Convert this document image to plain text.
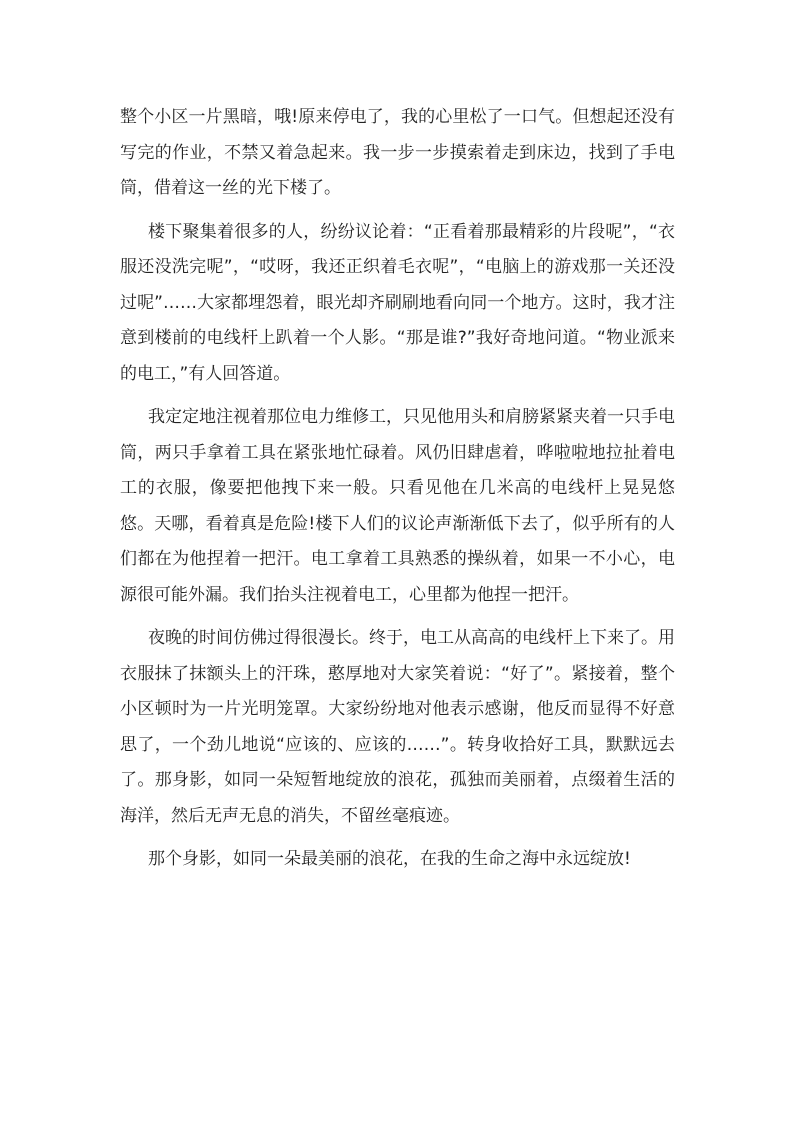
整个小区一片黑暗，哦!原来停电了，我的心里松了一口气。但想起还没有写完的作业，不禁又着急起来。我一步一步摸索着走到床边，找到了手电筒，借着这一丝的光下楼了。

楼下聚集着很多的人，纷纷议论着：“正看着那最精彩的片段呢”，“衣服还没洗完呢”，“哎呀，我还正织着毛衣呢”，“电脑上的游戏那一关还没过呢”……大家都埋怨着，眼光却齐刷刷地看向同一个地方。这时，我才注意到楼前的电线杆上趴着一个人影。“那是谁?”我好奇地问道。“物业派来的电工，”有人回答道。

我定定地注视着那位电力维修工，只见他用头和肩膀紧紧夹着一只手电筒，两只手拿着工具在紧张地忙碌着。风仍旧肆虐着，哗啦啦地拉扯着电工的衣服，像要把他拽下来一般。只看见他在几米高的电线杆上晃晃悠悠。天哪，看着真是危险!楼下人们的议论声渐渐低下去了，似乎所有的人们都在为他捏着一把汗。电工拿着工具熟悉的操纵着，如果一不小心，电源很可能外漏。我们抬头注视着电工，心里都为他捏一把汗。

夜晚的时间仿佛过得很漫长。终于，电工从高高的电线杆上下来了。用衣服抹了抹额头上的汗珠，憨厚地对大家笑着说：“好了”。紧接着，整个小区顿时为一片光明笼罩。大家纷纷地对他表示感谢，他反而显得不好意思了，一个劲儿地说“应该的、应该的……”。转身收拾好工具，默默远去了。那身影，如同一朵短暂地绽放的浪花，孤独而美丽着，点缀着生活的海洋，然后无声无息的消失，不留丝毫痕迹。

那个身影，如同一朵最美丽的浪花，在我的生命之海中永远绽放!
